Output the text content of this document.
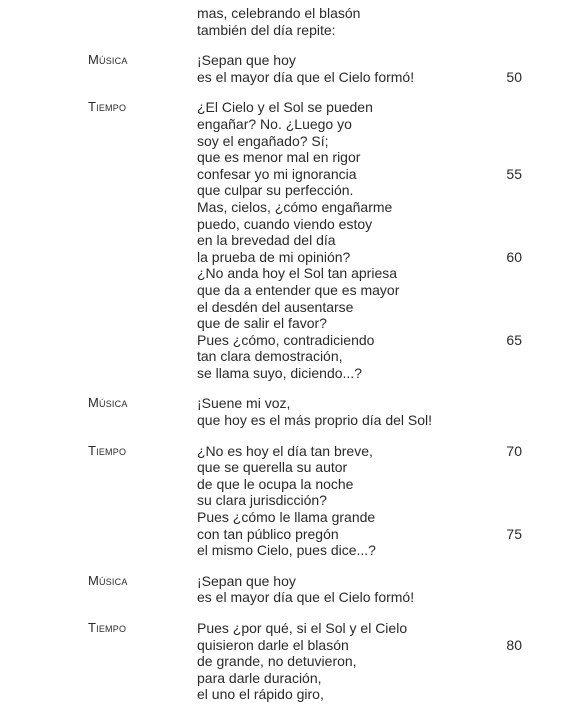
mas, celebrando el blasón
también del día repite:
Música	¡Sepan que hoy
es el mayor día que el Cielo formó!	50
Tiempo	¿El Cielo y el Sol se pueden
engañar? No. ¿Luego yo
soy el engañado? Sí;
que es menor mal en rigor
confesar yo mi ignorancia	55
que culpar su perfección.
Mas, cielos, ¿cómo engañarme
puedo, cuando viendo estoy
en la brevedad del día
la prueba de mi opinión?	60
¿No anda hoy el Sol tan apriesa
que da a entender que es mayor
el desdén del ausentarse
que de salir el favor?
Pues ¿cómo, contradiciendo	65
tan clara demostración,
se llama suyo, diciendo...?
Música	¡Suene mi voz,
que hoy es el más proprio día del Sol!
Tiempo	¿No es hoy el día tan breve,	70
que se querella su autor
de que le ocupa la noche
su clara jurisdicción?
Pues ¿cómo le llama grande
con tan público pregón	75
el mismo Cielo, pues dice...?
Música	¡Sepan que hoy
es el mayor día que el Cielo formó!
Tiempo	Pues ¿por qué, si el Sol y el Cielo
quisieron darle el blasón	80
de grande, no detuvieron,
para darle duración,
el uno el rápido giro,
